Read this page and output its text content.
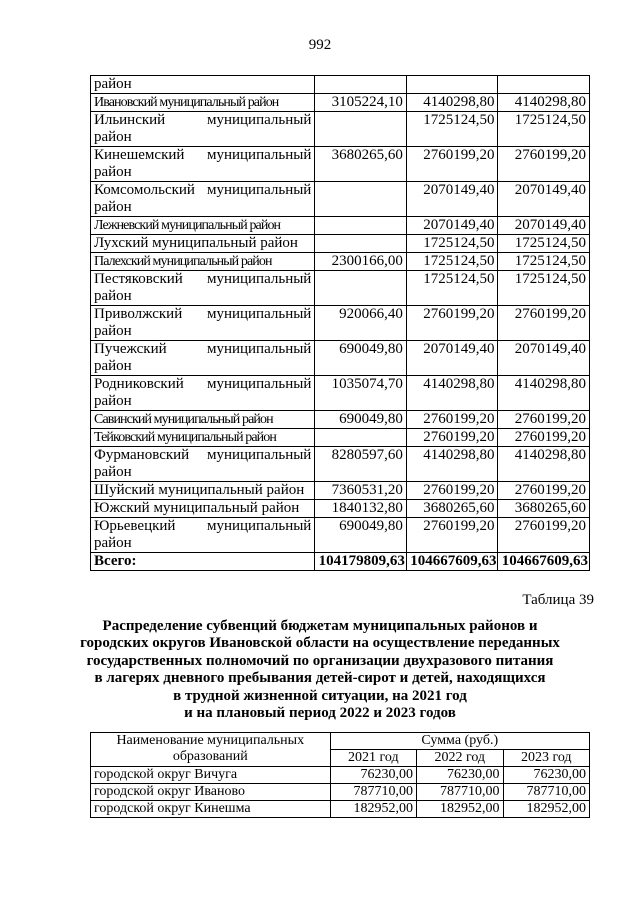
992
район			
Ивановский муниципальный район	3105224,10	4140298,80	4140298,80

Ильинский муниципальный
район		1725124,50	1725124,50

Кинешемский муниципальный
район	3680265,60	2760199,20	2760199,20

Комсомольский муниципальный
район		2070149,40	2070149,40
Лежневский муниципальный район		2070149,40	2070149,40
Лухский муниципальный район		1725124,50	1725124,50
Палехский муниципальный район	2300166,00	1725124,50	1725124,50

Пестяковский муниципальный
район		1725124,50	1725124,50

Приволжский муниципальный
район	920066,40	2760199,20	2760199,20

Пучежский муниципальный
район	690049,80	2070149,40	2070149,40

Родниковский муниципальный
район	1035074,70	4140298,80	4140298,80
Савинский муниципальный район	690049,80	2760199,20	2760199,20
Тейковский муниципальный район		2760199,20	2760199,20

Фурмановский муниципальный
район	8280597,60	4140298,80	4140298,80
Шуйский муниципальный район	7360531,20	2760199,20	2760199,20
Южский муниципальный район	1840132,80	3680265,60	3680265,60

Юрьевецкий муниципальный
район	690049,80	2760199,20	2760199,20
Всего:	104179809,63	104667609,63	104667609,63
Таблица 39
Распределение субвенций бюджетам муниципальных районов и
городских округов Ивановской области на осуществление переданных
государственных полномочий по организации двухразового питания
в лагерях дневного пребывания детей-сирот и детей, находящихся
в трудной жизненной ситуации, на 2021 год
и на плановый период 2022 и 2023 годов
Наименование муниципальных
образований	Сумма (руб.)		
	2021 год	2022 год	2023 год
городской округ Вичуга	76230,00	76230,00	76230,00
городской округ Иваново	787710,00	787710,00	787710,00
городской округ Кинешма	182952,00	182952,00	182952,00
